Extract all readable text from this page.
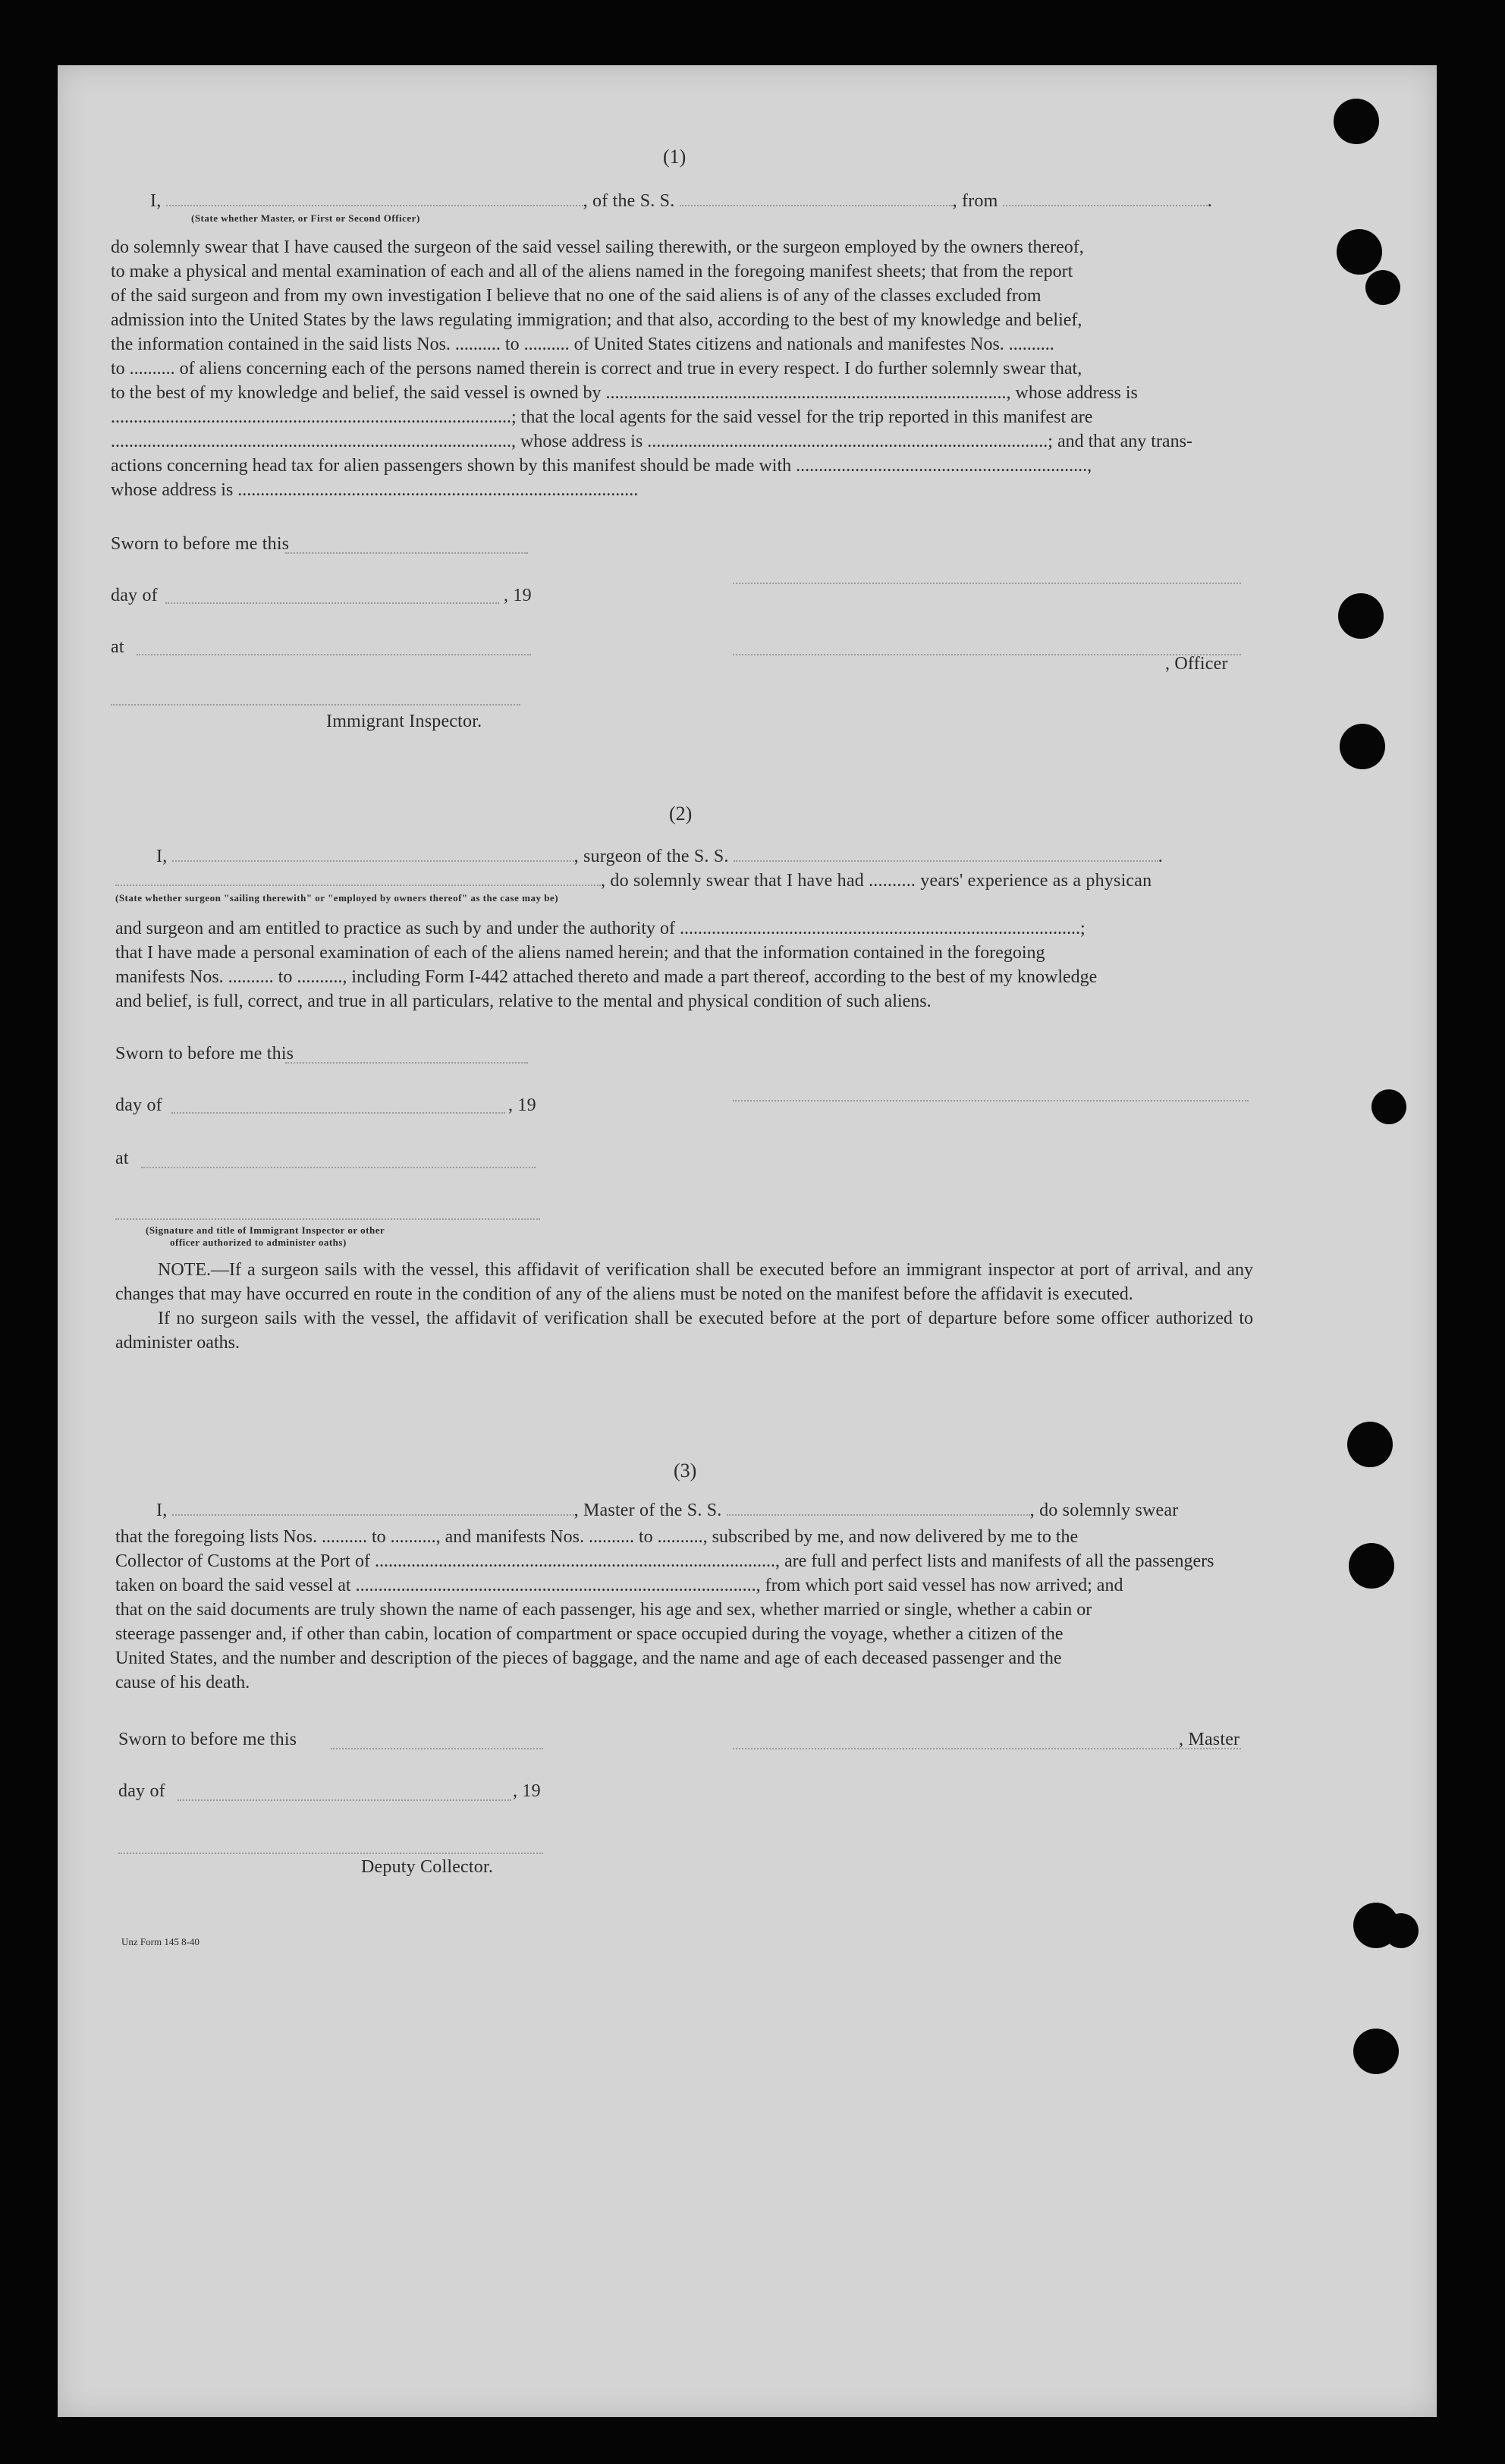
(1)
I,	, of the S. S.	, from	.
(State whether Master, or First or Second Officer)

do solemnly swear that I have caused the surgeon of the said vessel sailing therewith, or the surgeon employed by the owners thereof,

to make a physical and mental examination of each and all of the aliens named in the foregoing manifest sheets; that from the report

of the said surgeon and from my own investigation I believe that no one of the said aliens is of any of the classes excluded from

admission into the United States by the laws regulating immigration; and that also, according to the best of my knowledge and belief,

the information contained in the said lists Nos. .......... to .......... of United States citizens and nationals and manifestes Nos. ..........

to .......... of aliens concerning each of the persons named therein is correct and true in every respect. I do further solemnly swear that,

to the best of my knowledge and belief, the said vessel is owned by ........................................................................................, whose address is

........................................................................................; that the local agents for the said vessel for the trip reported in this manifest are

........................................................................................, whose address is ........................................................................................; and that any trans-

actions concerning head tax for alien passengers shown by this manifest should be made with ................................................................,

whose address is ........................................................................................

Sworn to before me this
day of	, 19
at
, Officer
Immigrant Inspector.
(2)
I,	, surgeon of the S. S.	.
, do solemnly swear that I have had .......... years' experience as a physican
(State whether surgeon "sailing therewith" or "employed by owners thereof" as the case may be)

and surgeon and am entitled to practice as such by and under the authority of ........................................................................................;

that I have made a personal examination of each of the aliens named herein; and that the information contained in the foregoing

manifests Nos. .......... to .........., including Form I-442 attached thereto and made a part thereof, according to the best of my knowledge

and belief, is full, correct, and true in all particulars, relative to the mental and physical condition of such aliens.

Sworn to before me this
day of	, 19
at
(Signature and title of Immigrant Inspector or other
officer authorized to administer oaths)

NOTE.—If a surgeon sails with the vessel, this affidavit of verification shall be executed before an immigrant inspector at port of arrival, and any changes that may have occurred en route in the condition of any of the aliens must be noted on the manifest before the affidavit is executed.

If no surgeon sails with the vessel, the affidavit of verification shall be executed before at the port of departure before some officer authorized to administer oaths.

(3)
I,	, Master of the S. S.	, do solemnly swear

that the foregoing lists Nos. .......... to .........., and manifests Nos. .......... to .........., subscribed by me, and now delivered by me to the

Collector of Customs at the Port of ........................................................................................, are full and perfect lists and manifests of all the passengers

taken on board the said vessel at ........................................................................................, from which port said vessel has now arrived; and

that on the said documents are truly shown the name of each passenger, his age and sex, whether married or single, whether a cabin or

steerage passenger and, if other than cabin, location of compartment or space occupied during the voyage, whether a citizen of the

United States, and the number and description of the pieces of baggage, and the name and age of each deceased passenger and the

cause of his death.

Sworn to before me this	, Master
day of	, 19
Deputy Collector.
Unz Form 145 8-40
